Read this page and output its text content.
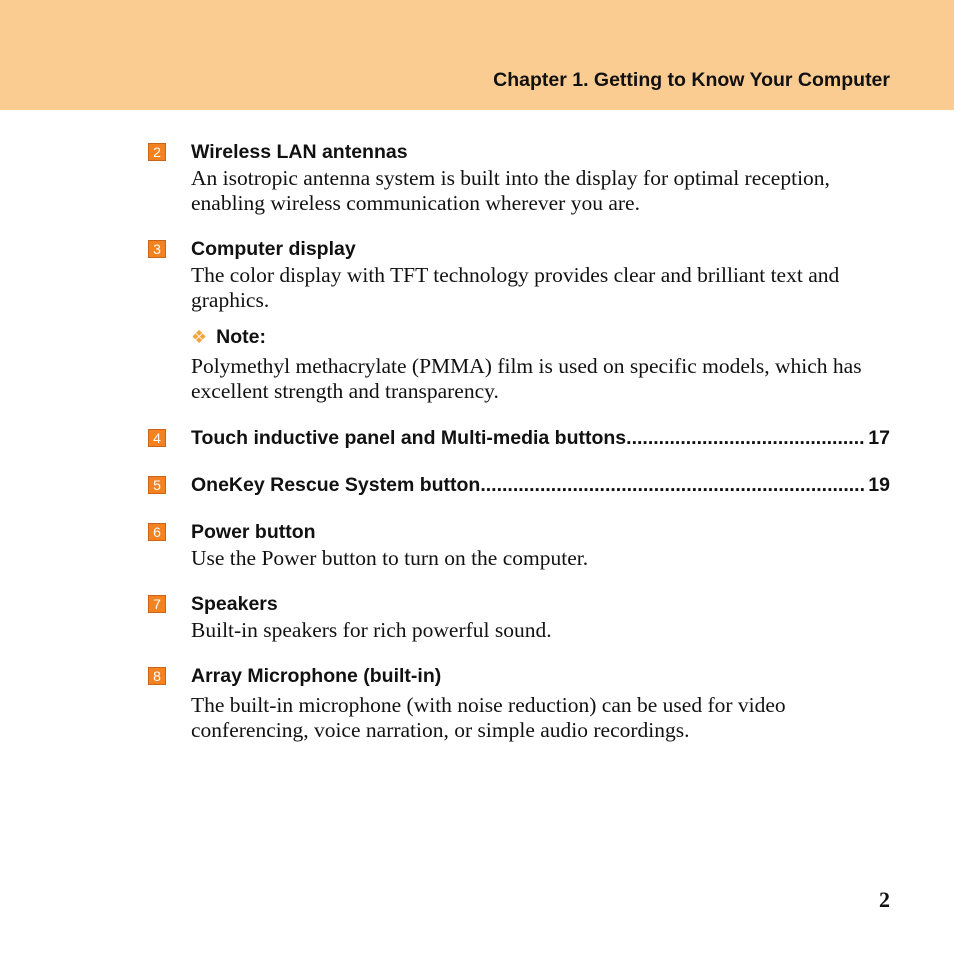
Chapter 1. Getting to Know Your Computer
2 Wireless LAN antennas
An isotropic antenna system is built into the display for optimal reception, enabling wireless communication wherever you are.
3 Computer display
The color display with TFT technology provides clear and brilliant text and graphics.
❖ Note:
Polymethyl methacrylate (PMMA) film is used on specific models, which has excellent strength and transparency.
4 Touch inductive panel and Multi-media buttons .....	17
5 OneKey Rescue System button .....	19
6 Power button
Use the Power button to turn on the computer.
7 Speakers
Built-in speakers for rich powerful sound.
8 Array Microphone (built-in)
The built-in microphone (with noise reduction) can be used for video conferencing, voice narration, or simple audio recordings.
2
